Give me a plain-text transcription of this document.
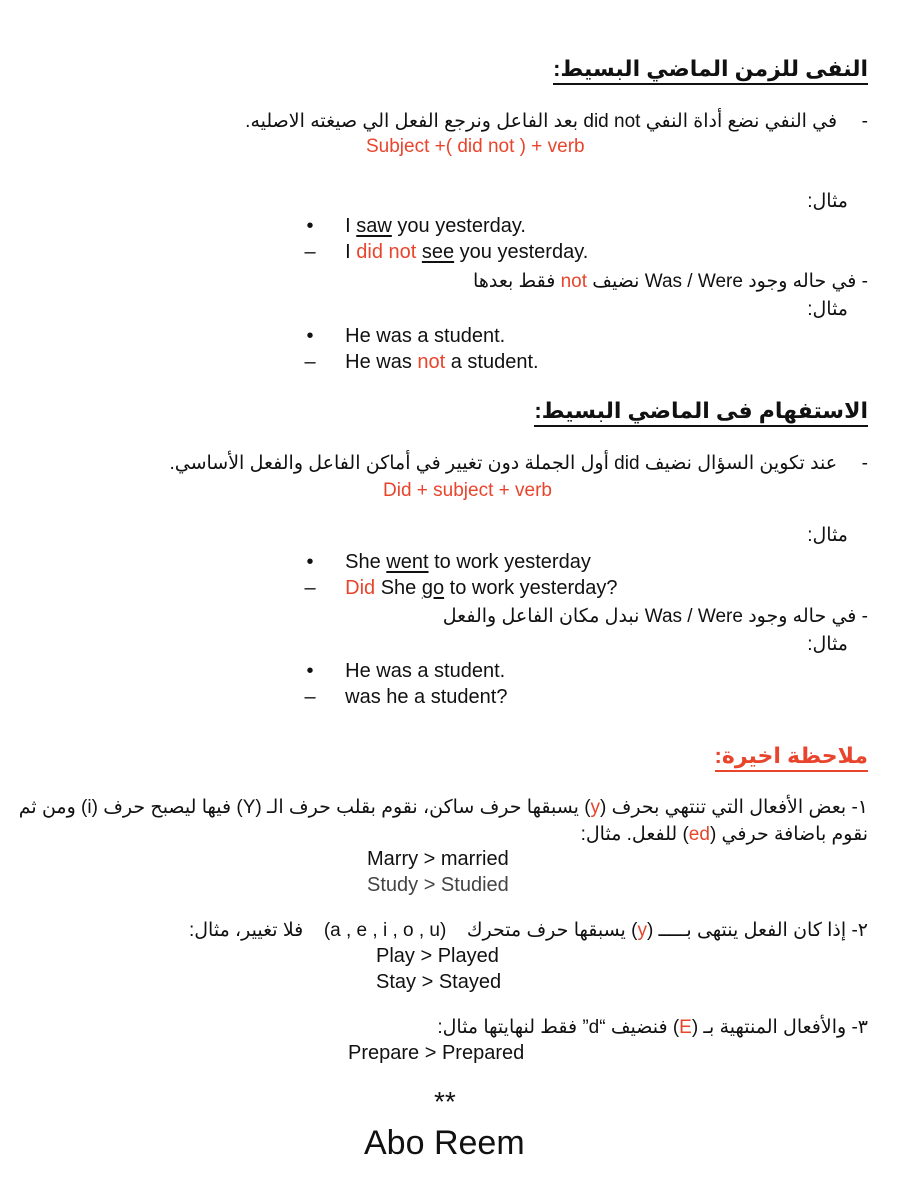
النفى للزمن الماضي البسيط:
-  في النفي نضع أداة النفي did not بعد الفاعل ونرجع الفعل الي صيغته الاصليه.
Subject +( did not ) + verb
مثال:
• I saw you yesterday.
– I did not see you yesterday.
- في حاله وجود Was / Were نضيف not فقط بعدها
مثال:
• He was a student.
– He was not a student.
الاستفهام فى الماضي البسيط:
-  عند تكوين السؤال نضيف did أول الجملة دون تغيير في أماكن الفاعل والفعل الأساسي.
Did + subject + verb
مثال:
• She went to work yesterday
– Did She go to work yesterday?
- في حاله وجود Was / Were نبدل مكان الفاعل والفعل
مثال:
• He was a student.
– was he a student?
ملاحظة اخيرة:
١- بعض الأفعال التي تنتهي بحرف (y) يسبقها حرف ساكن، نقوم بقلب حرف الـ (Y) فيها ليصبح حرف (i) ومن ثم
نقوم باضافة حرفي (ed) للفعل. مثال:
Marry > married
Study > Studied
٢- إذا كان الفعل ينتهى بـــــ (y) يسبقها حرف متحرك  (a , e , i , o , u)  فلا تغيير، مثال:
Play > Played
Stay > Stayed
٣- والأفعال المنتهية بـ (E) فنضيف “d” فقط لنهايتها مثال:
Prepare > Prepared
**
Abo Reem
